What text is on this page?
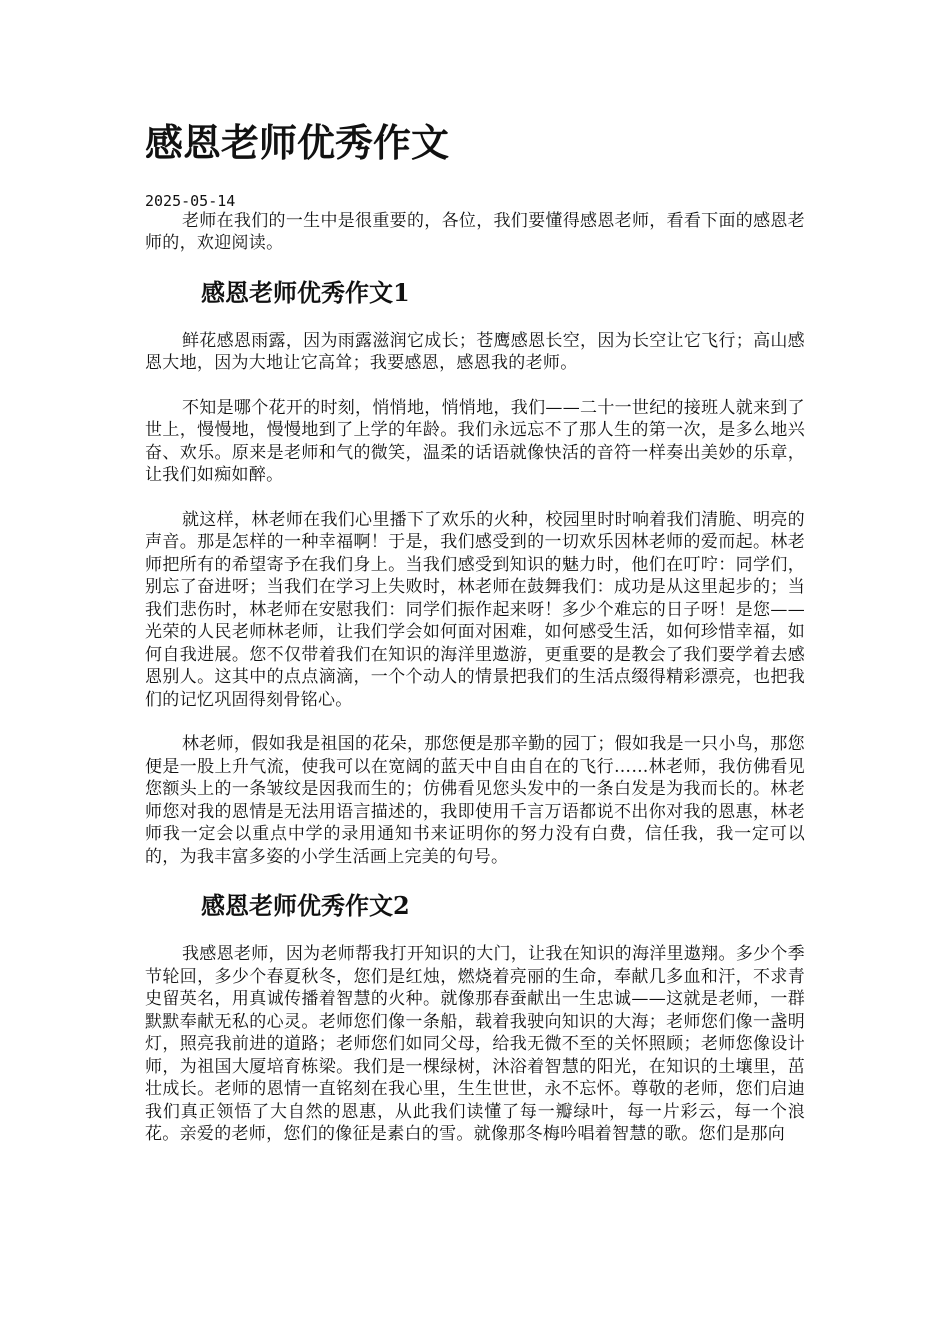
感恩老师优秀作文
2025-05-14

老师在我们的一生中是很重要的，各位，我们要懂得感恩老师，看看下面的感恩老师的，欢迎阅读。

感恩老师优秀作文1

鲜花感恩雨露，因为雨露滋润它成长；苍鹰感恩长空，因为长空让它飞行；高山感恩大地，因为大地让它高耸；我要感恩，感恩我的老师。

不知是哪个花开的时刻，悄悄地，悄悄地，我们——二十一世纪的接班人就来到了世上，慢慢地，慢慢地到了上学的年龄。我们永远忘不了那人生的第一次，是多么地兴奋、欢乐。原来是老师和气的微笑，温柔的话语就像快活的音符一样奏出美妙的乐章，让我们如痴如醉。

就这样，林老师在我们心里播下了欢乐的火种，校园里时时响着我们清脆、明亮的声音。那是怎样的一种幸福啊！于是，我们感受到的一切欢乐因林老师的爱而起。林老师把所有的希望寄予在我们身上。当我们感受到知识的魅力时，他们在叮咛：同学们，别忘了奋进呀；当我们在学习上失败时，林老师在鼓舞我们：成功是从这里起步的；当我们悲伤时，林老师在安慰我们：同学们振作起来呀！多少个难忘的日子呀！是您——光荣的人民老师林老师，让我们学会如何面对困难，如何感受生活，如何珍惜幸福，如何自我进展。您不仅带着我们在知识的海洋里遨游，更重要的是教会了我们要学着去感恩别人。这其中的点点滴滴，一个个动人的情景把我们的生活点缀得精彩漂亮，也把我们的记忆巩固得刻骨铭心。

林老师，假如我是祖国的花朵，那您便是那辛勤的园丁；假如我是一只小鸟，那您便是一股上升气流，使我可以在宽阔的蓝天中自由自在的飞行……林老师，我仿佛看见您额头上的一条皱纹是因我而生的；仿佛看见您头发中的一条白发是为我而长的。林老师您对我的恩情是无法用语言描述的，我即使用千言万语都说不出你对我的恩惠，林老师我一定会以重点中学的录用通知书来证明你的努力没有白费，信任我，我一定可以的，为我丰富多姿的小学生活画上完美的句号。

感恩老师优秀作文2

我感恩老师，因为老师帮我打开知识的大门，让我在知识的海洋里遨翔。多少个季节轮回，多少个春夏秋冬，您们是红烛，燃烧着亮丽的生命，奉献几多血和汗，不求青史留英名，用真诚传播着智慧的火种。就像那春蚕献出一生忠诚——这就是老师，一群默默奉献无私的心灵。老师您们像一条船，载着我驶向知识的大海；老师您们像一盏明灯，照亮我前进的道路；老师您们如同父母，给我无微不至的关怀照顾；老师您像设计师，为祖国大厦培育栋梁。我们是一棵绿树，沐浴着智慧的阳光，在知识的土壤里，茁壮成长。老师的恩情一直铭刻在我心里，生生世世，永不忘怀。尊敬的老师，您们启迪我们真正领悟了大自然的恩惠，从此我们读懂了每一瓣绿叶，每一片彩云，每一个浪花。亲爱的老师，您们的像征是素白的雪。就像那冬梅吟唱着智慧的歌。您们是那向
